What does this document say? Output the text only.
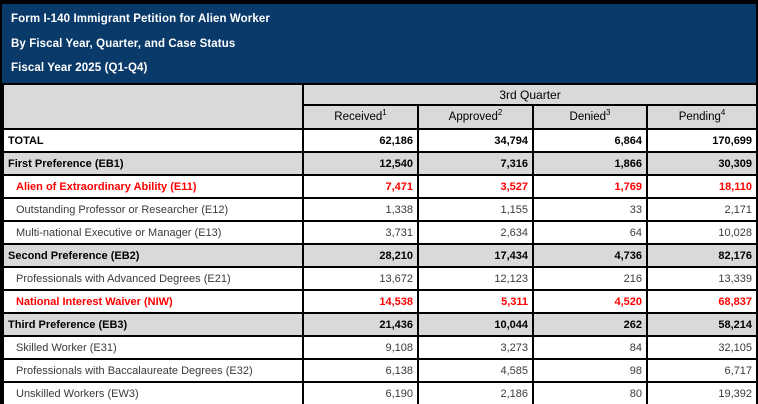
Form I-140 Immigrant Petition for Alien Worker
By Fiscal Year, Quarter, and Case Status
Fiscal Year 2025 (Q1-Q4)
	3rd Quarter			
	Received$^1$	Approved$^2$	Denied$^3$	Pending$^4$
TOTAL	62,186	34,794	6,864	170,699
First Preference (EB1)	12,540	7,316	1,866	30,309
Alien of Extraordinary Ability (E11)	7,471	3,527	1,769	18,110
Outstanding Professor or Researcher (E12)	1,338	1,155	33	2,171
Multi-national Executive or Manager (E13)	3,731	2,634	64	10,028
Second Preference (EB2)	28,210	17,434	4,736	82,176
Professionals with Advanced Degrees (E21)	13,672	12,123	216	13,339
National Interest Waiver (NIW)	14,538	5,311	4,520	68,837
Third Preference (EB3)	21,436	10,044	262	58,214
Skilled Worker (E31)	9,108	3,273	84	32,105
Professionals with Baccalaureate Degrees (E32)	6,138	4,585	98	6,717
Unskilled Workers (EW3)	6,190	2,186	80	19,392
